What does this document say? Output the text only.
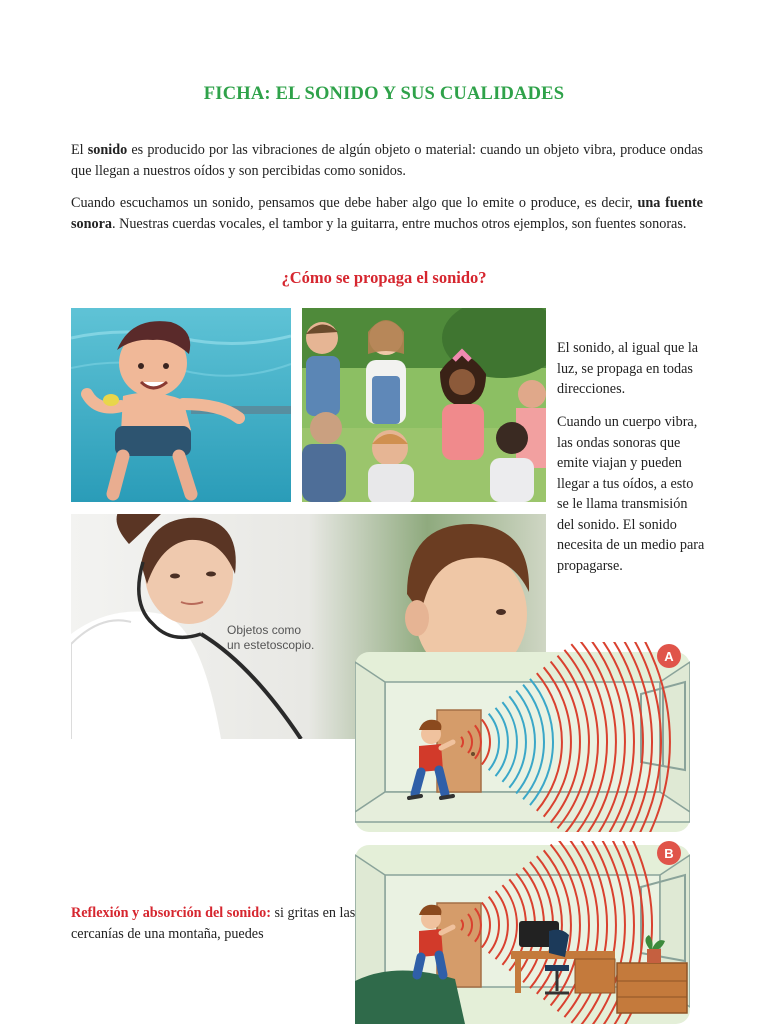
FICHA: EL SONIDO Y SUS CUALIDADES
El sonido es producido por las vibraciones de algún objeto o material: cuando un objeto vibra, produce ondas que llegan a nuestros oídos y son percibidas como sonidos.
Cuando escuchamos un sonido, pensamos que debe haber algo que lo emite o produce, es decir, una fuente sonora. Nuestras cuerdas vocales, el tambor y la guitarra, entre muchos otros ejemplos, son fuentes sonoras.
¿Cómo se propaga el sonido?
Objetos como
un estetoscopio.
El sonido, al igual que la luz, se propaga en todas direcciones.
Cuando un cuerpo vibra, las ondas sonoras que emite viajan y pueden llegar a tus oídos, a esto se le llama transmisión del sonido. El sonido necesita de un medio para propagarse.
A
Reflexión y absorción del sonido: si gritas en las cercanías de una montaña, puedes
B
